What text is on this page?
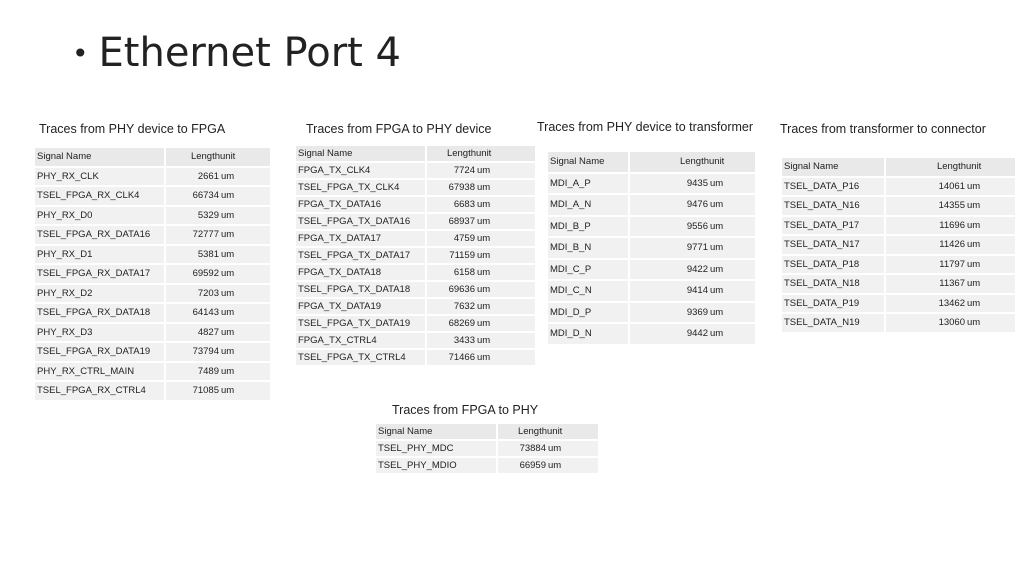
• Ethernet Port 4
Traces from PHY device to FPGA	Traces from FPGA to PHY device	Traces from PHY device to transformer Traces from transformer to connector
Traces from FPGA to PHY
Signal Name		Length	unit
PHY_RX_CLK		2661	um
TSEL_FPGA_RX_CLK4		66734	um
PHY_RX_D0		5329	um
TSEL_FPGA_RX_DATA16		72777	um
PHY_RX_D1		5381	um
TSEL_FPGA_RX_DATA17		69592	um
PHY_RX_D2		7203	um
TSEL_FPGA_RX_DATA18		64143	um
PHY_RX_D3		4827	um
TSEL_FPGA_RX_DATA19		73794	um
PHY_RX_CTRL_MAIN		7489	um
TSEL_FPGA_RX_CTRL4		71085	um
Signal Name		Length	unit
FPGA_TX_CLK4		7724	um
TSEL_FPGA_TX_CLK4		67938	um
FPGA_TX_DATA16		6683	um
TSEL_FPGA_TX_DATA16		68937	um
FPGA_TX_DATA17		4759	um
TSEL_FPGA_TX_DATA17		71159	um
FPGA_TX_DATA18		6158	um
TSEL_FPGA_TX_DATA18		69636	um
FPGA_TX_DATA19		7632	um
TSEL_FPGA_TX_DATA19		68269	um
FPGA_TX_CTRL4		3433	um
TSEL_FPGA_TX_CTRL4		71466	um
Signal Name		Length	unit
MDI_A_P		9435	um
MDI_A_N		9476	um
MDI_B_P		9556	um
MDI_B_N		9771	um
MDI_C_P		9422	um
MDI_C_N		9414	um
MDI_D_P		9369	um
MDI_D_N		9442	um
Signal Name		Length	unit
TSEL_DATA_P16		14061	um
TSEL_DATA_N16		14355	um
TSEL_DATA_P17		11696	um
TSEL_DATA_N17		11426	um
TSEL_DATA_P18		11797	um
TSEL_DATA_N18		11367	um
TSEL_DATA_P19		13462	um
TSEL_DATA_N19		13060	um
Signal Name		Length	unit
TSEL_PHY_MDC		73884	um
TSEL_PHY_MDIO		66959	um
